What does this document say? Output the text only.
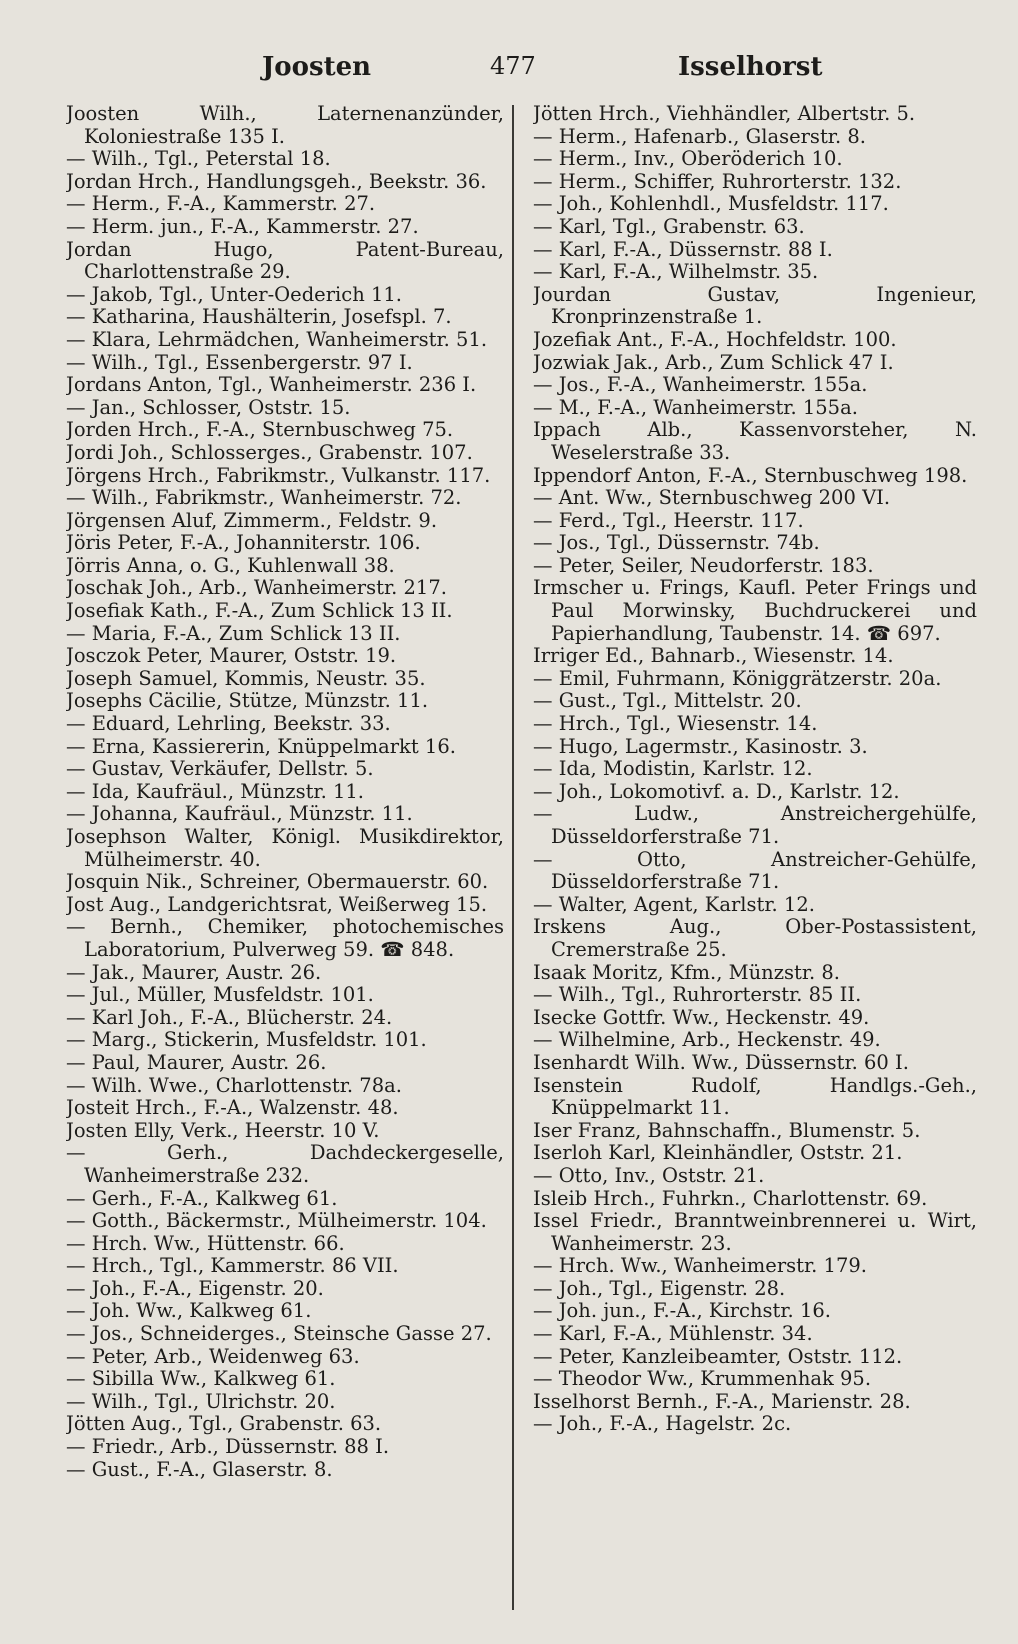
Joosten	477	Isselhorst
Joosten Wilh., Laternenanzünder, Koloniestraße 135 I.
— Wilh., Tgl., Peterstal 18.
Jordan Hrch., Handlungsgeh., Beekstr. 36.
— Herm., F.-A., Kammerstr. 27.
— Herm. jun., F.-A., Kammerstr. 27.
Jordan Hugo, Patent-Bureau, Charlottenstraße 29.
— Jakob, Tgl., Unter-Oederich 11.
— Katharina, Haushälterin, Josefspl. 7.
— Klara, Lehrmädchen, Wanheimerstr. 51.
— Wilh., Tgl., Essenbergerstr. 97 I.
Jordans Anton, Tgl., Wanheimerstr. 236 I.
— Jan., Schlosser, Oststr. 15.
Jorden Hrch., F.-A., Sternbuschweg 75.
Jordi Joh., Schlosserges., Grabenstr. 107.
Jörgens Hrch., Fabrikmstr., Vulkanstr. 117.
— Wilh., Fabrikmstr., Wanheimerstr. 72.
Jörgensen Aluf, Zimmerm., Feldstr. 9.
Jöris Peter, F.-A., Johanniterstr. 106.
Jörris Anna, o. G., Kuhlenwall 38.
Joschak Joh., Arb., Wanheimerstr. 217.
Josefiak Kath., F.-A., Zum Schlick 13 II.
— Maria, F.-A., Zum Schlick 13 II.
Josczok Peter, Maurer, Oststr. 19.
Joseph Samuel, Kommis, Neustr. 35.
Josephs Cäcilie, Stütze, Münzstr. 11.
— Eduard, Lehrling, Beekstr. 33.
— Erna, Kassiererin, Knüppelmarkt 16.
— Gustav, Verkäufer, Dellstr. 5.
— Ida, Kaufräul., Münzstr. 11.
— Johanna, Kaufräul., Münzstr. 11.
Josephson Walter, Königl. Musikdirektor, Mülheimerstr. 40.
Josquin Nik., Schreiner, Obermauerstr. 60.
Jost Aug., Landgerichtsrat, Weißerweg 15.
— Bernh., Chemiker, photochemisches Laboratorium, Pulverweg 59. ☎ 848.
— Jak., Maurer, Austr. 26.
— Jul., Müller, Musfeldstr. 101.
— Karl Joh., F.-A., Blücherstr. 24.
— Marg., Stickerin, Musfeldstr. 101.
— Paul, Maurer, Austr. 26.
— Wilh. Wwe., Charlottenstr. 78a.
Josteit Hrch., F.-A., Walzenstr. 48.
Josten Elly, Verk., Heerstr. 10 V.
— Gerh., Dachdeckergeselle, Wanheimerstraße 232.
— Gerh., F.-A., Kalkweg 61.
— Gotth., Bäckermstr., Mülheimerstr. 104.
— Hrch. Ww., Hüttenstr. 66.
— Hrch., Tgl., Kammerstr. 86 VII.
— Joh., F.-A., Eigenstr. 20.
— Joh. Ww., Kalkweg 61.
— Jos., Schneiderges., Steinsche Gasse 27.
— Peter, Arb., Weidenweg 63.
— Sibilla Ww., Kalkweg 61.
— Wilh., Tgl., Ulrichstr. 20.
Jötten Aug., Tgl., Grabenstr. 63.
— Friedr., Arb., Düssernstr. 88 I.
— Gust., F.-A., Glaserstr. 8.
Jötten Hrch., Viehhändler, Albertstr. 5.
— Herm., Hafenarb., Glaserstr. 8.
— Herm., Inv., Oberöderich 10.
— Herm., Schiffer, Ruhrorterstr. 132.
— Joh., Kohlenhdl., Musfeldstr. 117.
— Karl, Tgl., Grabenstr. 63.
— Karl, F.-A., Düssernstr. 88 I.
— Karl, F.-A., Wilhelmstr. 35.
Jourdan Gustav, Ingenieur, Kronprinzenstraße 1.
Jozefiak Ant., F.-A., Hochfeldstr. 100.
Jozwiak Jak., Arb., Zum Schlick 47 I.
— Jos., F.-A., Wanheimerstr. 155a.
— M., F.-A., Wanheimerstr. 155a.
Ippach Alb., Kassenvorsteher, N. Weselerstraße 33.
Ippendorf Anton, F.-A., Sternbuschweg 198.
— Ant. Ww., Sternbuschweg 200 VI.
— Ferd., Tgl., Heerstr. 117.
— Jos., Tgl., Düssernstr. 74b.
— Peter, Seiler, Neudorferstr. 183.
Irmscher u. Frings, Kaufl. Peter Frings und Paul Morwinsky, Buchdruckerei und Papierhandlung, Taubenstr. 14. ☎ 697.
Irriger Ed., Bahnarb., Wiesenstr. 14.
— Emil, Fuhrmann, Königgrätzerstr. 20a.
— Gust., Tgl., Mittelstr. 20.
— Hrch., Tgl., Wiesenstr. 14.
— Hugo, Lagermstr., Kasinostr. 3.
— Ida, Modistin, Karlstr. 12.
— Joh., Lokomotivf. a. D., Karlstr. 12.
— Ludw., Anstreichergehülfe, Düsseldorferstraße 71.
— Otto, Anstreicher-Gehülfe, Düsseldorferstraße 71.
— Walter, Agent, Karlstr. 12.
Irskens Aug., Ober-Postassistent, Cremerstraße 25.
Isaak Moritz, Kfm., Münzstr. 8.
— Wilh., Tgl., Ruhrorterstr. 85 II.
Isecke Gottfr. Ww., Heckenstr. 49.
— Wilhelmine, Arb., Heckenstr. 49.
Isenhardt Wilh. Ww., Düssernstr. 60 I.
Isenstein Rudolf, Handlgs.-Geh., Knüppelmarkt 11.
Iser Franz, Bahnschaffn., Blumenstr. 5.
Iserloh Karl, Kleinhändler, Oststr. 21.
— Otto, Inv., Oststr. 21.
Isleib Hrch., Fuhrkn., Charlottenstr. 69.
Issel Friedr., Branntweinbrennerei u. Wirt, Wanheimerstr. 23.
— Hrch. Ww., Wanheimerstr. 179.
— Joh., Tgl., Eigenstr. 28.
— Joh. jun., F.-A., Kirchstr. 16.
— Karl, F.-A., Mühlenstr. 34.
— Peter, Kanzleibeamter, Oststr. 112.
— Theodor Ww., Krummenhak 95.
Isselhorst Bernh., F.-A., Marienstr. 28.
— Joh., F.-A., Hagelstr. 2c.
